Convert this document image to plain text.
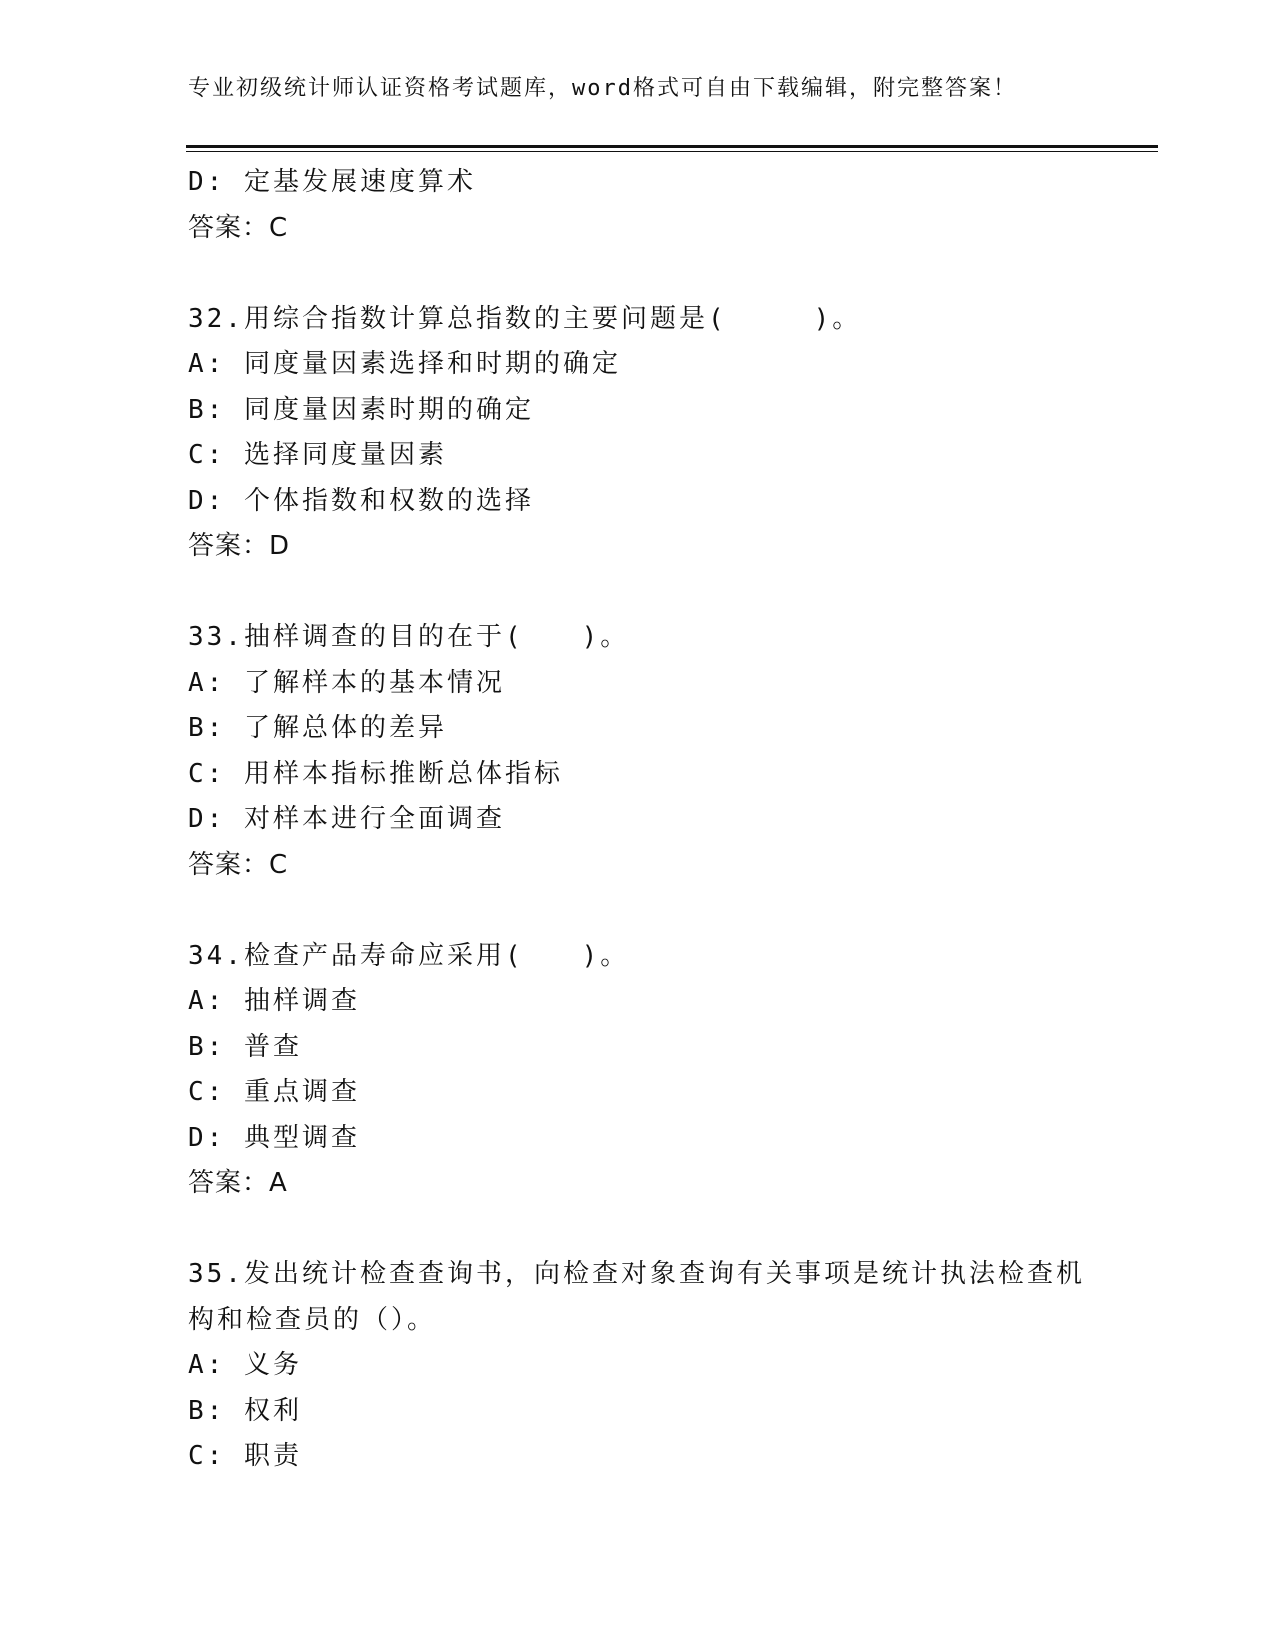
专业初级统计师认证资格考试题库，word格式可自由下载编辑，附完整答案！
D: 定基发展速度算术
答案：C
32.用综合指数计算总指数的主要问题是(　　　)。
A: 同度量因素选择和时期的确定
B: 同度量因素时期的确定
C: 选择同度量因素
D: 个体指数和权数的选择
答案：D
33.抽样调查的目的在于(　　)。
A: 了解样本的基本情况
B: 了解总体的差异
C: 用样本指标推断总体指标
D: 对样本进行全面调查
答案：C
34.检查产品寿命应采用(　　)。
A: 抽样调查
B: 普查
C: 重点调查
D: 典型调查
答案：A
35.发出统计检查查询书，向检查对象查询有关事项是统计执法检查机构和检查员的（）。
A: 义务
B: 权利
C: 职责
